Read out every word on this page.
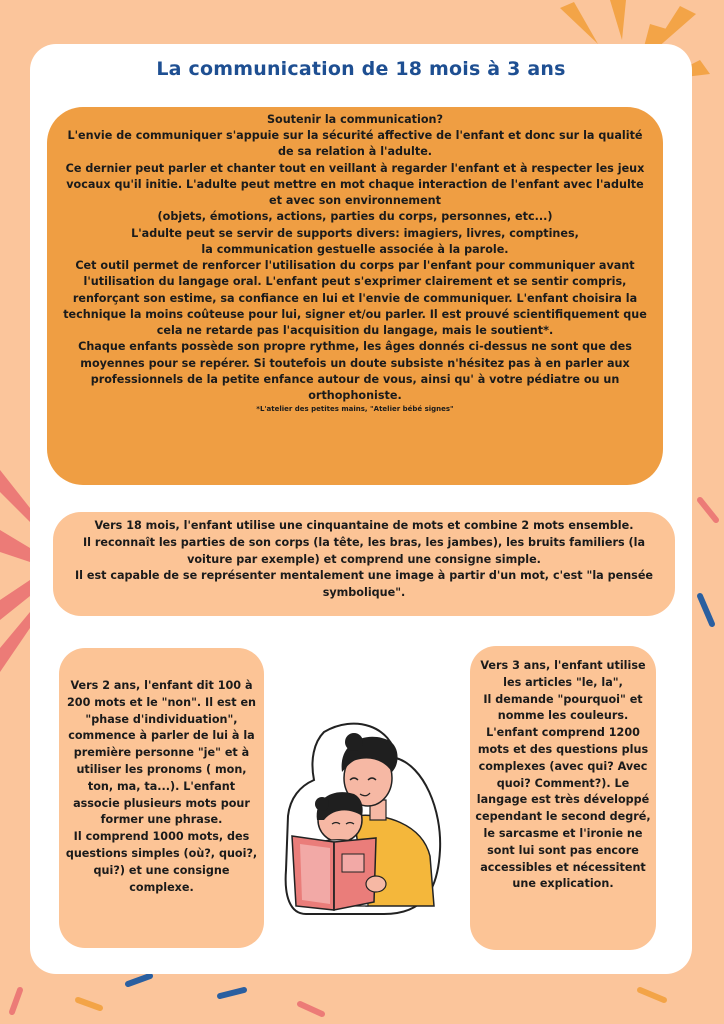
La communication de 18 mois à 3 ans

Soutenir la communication?

L'envie de communiquer s'appuie sur la sécurité affective de l'enfant et donc sur la qualité de sa relation à l'adulte.

Ce dernier peut parler et chanter tout en veillant à regarder l'enfant et à respecter les jeux vocaux qu'il initie. L'adulte peut mettre en mot chaque interaction de l'enfant avec l'adulte et avec son environnement

(objets, émotions, actions, parties du corps, personnes, etc...)

L'adulte peut se servir de supports divers: imagiers, livres, comptines,

la communication gestuelle associée à la parole.

Cet outil permet de renforcer l'utilisation du corps par l'enfant pour communiquer avant l'utilisation du langage oral. L'enfant peut s'exprimer clairement et se sentir compris, renforçant son estime, sa confiance en lui et l'envie de communiquer. L'enfant choisira la technique la moins coûteuse pour lui, signer et/ou parler. Il est prouvé scientifiquement que cela ne retarde pas l'acquisition du langage, mais le soutient*.

Chaque enfants possède son propre rythme, les âges donnés ci-dessus ne sont que des moyennes pour se repérer. Si toutefois un doute subsiste n'hésitez pas à en parler aux professionnels de la petite enfance autour de vous, ainsi qu' à votre pédiatre ou un orthophoniste.

*L'atelier des petites mains, "Atelier bébé signes"

Vers 18 mois, l'enfant utilise une cinquantaine de mots et combine 2 mots ensemble.

Il reconnaît les parties de son corps (la tête, les bras, les jambes), les bruits familiers (la voiture par exemple) et comprend une consigne simple.

Il est capable de se représenter mentalement une image à partir d'un mot, c'est "la pensée symbolique".

Vers 2 ans, l'enfant dit 100 à 200 mots et le "non". Il est en "phase d'individuation", commence à parler de lui à la première personne "je" et à utiliser les pronoms ( mon, ton, ma, ta...). L'enfant associe plusieurs mots pour former une phrase.

Il comprend 1000 mots, des questions simples (où?, quoi?, qui?) et une consigne complexe.

Vers 3 ans, l'enfant utilise les articles "le, la",

Il demande "pourquoi" et nomme les couleurs.

L'enfant comprend 1200 mots et des questions plus complexes (avec qui? Avec quoi? Comment?). Le langage est très développé cependant le second degré, le sarcasme et l'ironie ne sont lui sont pas encore accessibles et nécessitent une explication.
